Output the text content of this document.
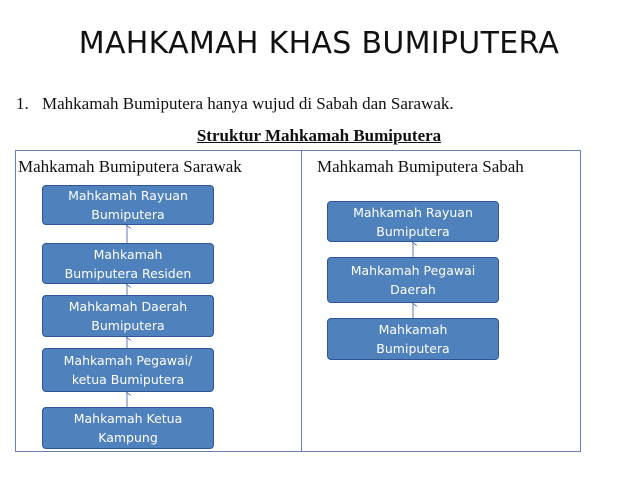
MAHKAMAH KHAS BUMIPUTERA
1. Mahkamah Bumiputera hanya wujud di Sabah dan Sarawak.
Struktur Mahkamah Bumiputera
Mahkamah Bumiputera Sarawak	Mahkamah Bumiputera Sabah
Mahkamah Rayuan
Bumiputera
Mahkamah
Bumiputera Residen
Mahkamah Daerah
Bumiputera
Mahkamah Pegawai/
ketua Bumiputera
Mahkamah Ketua
Kampung
Mahkamah Rayuan
Bumiputera
Mahkamah Pegawai
Daerah
Mahkamah
Bumiputera
